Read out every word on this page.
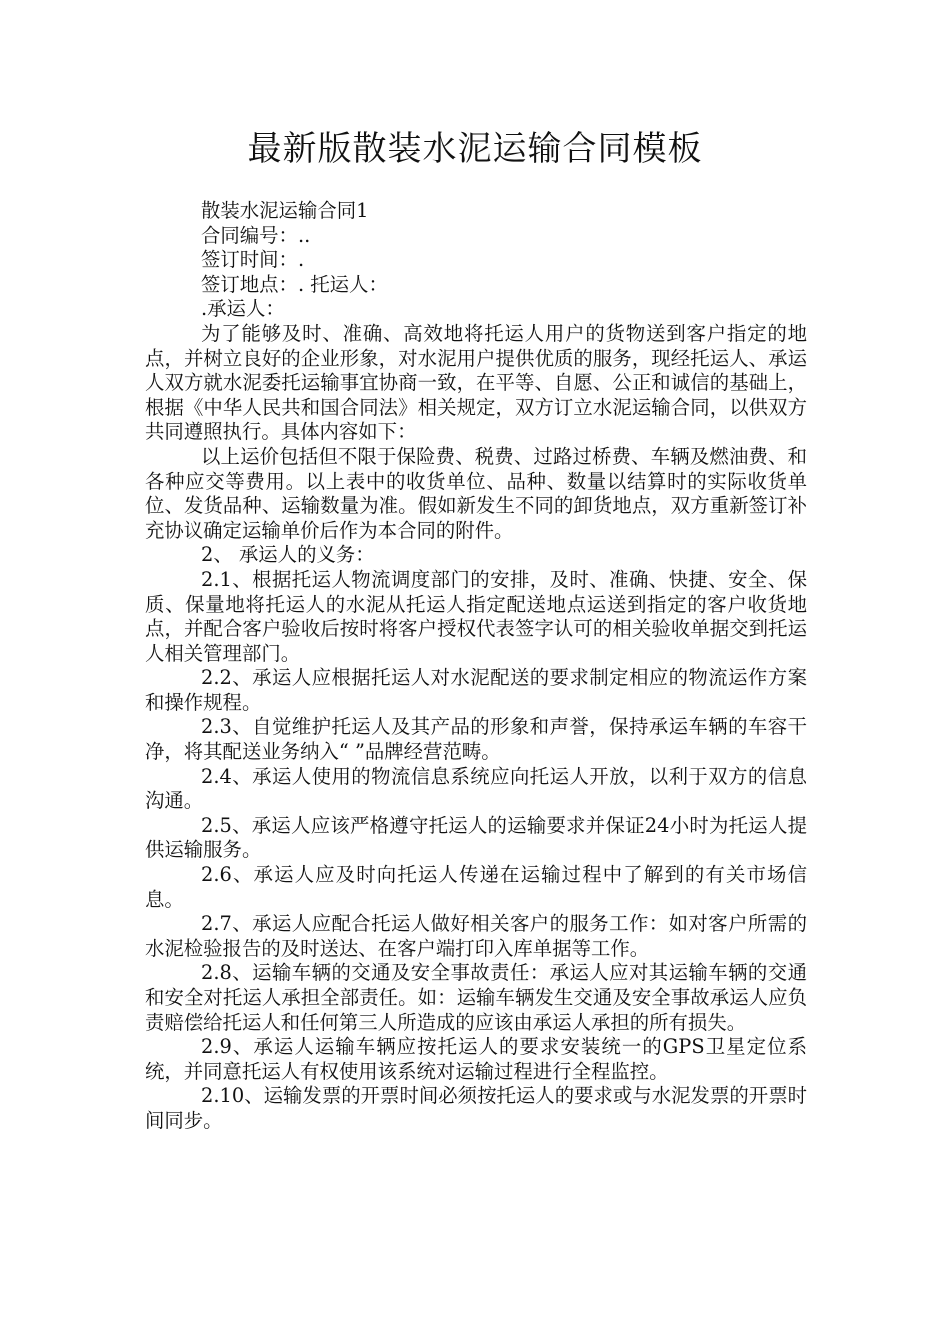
最新版散装水泥运输合同模板

散装水泥运输合同1

合同编号：..

签订时间：.

签订地点：. 托运人：

.承运人：

为了能够及时、准确、高效地将托运人用户的货物送到客户指定的地点，并树立良好的企业形象，对水泥用户提供优质的服务，现经托运人、承运人双方就水泥委托运输事宜协商一致，在平等、自愿、公正和诚信的基础上，根据《中华人民共和国合同法》相关规定，双方订立水泥运输合同，以供双方共同遵照执行。具体内容如下：

以上运价包括但不限于保险费、税费、过路过桥费、车辆及燃油费、和各种应交等费用。以上表中的收货单位、品种、数量以结算时的实际收货单位、发货品种、运输数量为准。假如新发生不同的卸货地点，双方重新签订补充协议确定运输单价后作为本合同的附件。

2、 承运人的义务：

2.1、根据托运人物流调度部门的安排，及时、准确、快捷、安全、保质、保量地将托运人的水泥从托运人指定配送地点运送到指定的客户收货地点，并配合客户验收后按时将客户授权代表签字认可的相关验收单据交到托运人相关管理部门。

2.2、承运人应根据托运人对水泥配送的要求制定相应的物流运作方案和操作规程。

2.3、自觉维护托运人及其产品的形象和声誉，保持承运车辆的车容干净，将其配送业务纳入“ ”品牌经营范畴。

2.4、承运人使用的物流信息系统应向托运人开放，以利于双方的信息沟通。

2.5、承运人应该严格遵守托运人的运输要求并保证24小时为托运人提供运输服务。

2.6、承运人应及时向托运人传递在运输过程中了解到的有关市场信息。

2.7、承运人应配合托运人做好相关客户的服务工作：如对客户所需的水泥检验报告的及时送达、在客户端打印入库单据等工作。

2.8、运输车辆的交通及安全事故责任：承运人应对其运输车辆的交通和安全对托运人承担全部责任。如：运输车辆发生交通及安全事故承运人应负责赔偿给托运人和任何第三人所造成的应该由承运人承担的所有损失。

2.9、承运人运输车辆应按托运人的要求安装统一的GPS卫星定位系统，并同意托运人有权使用该系统对运输过程进行全程监控。

2.10、运输发票的开票时间必须按托运人的要求或与水泥发票的开票时间同步。
